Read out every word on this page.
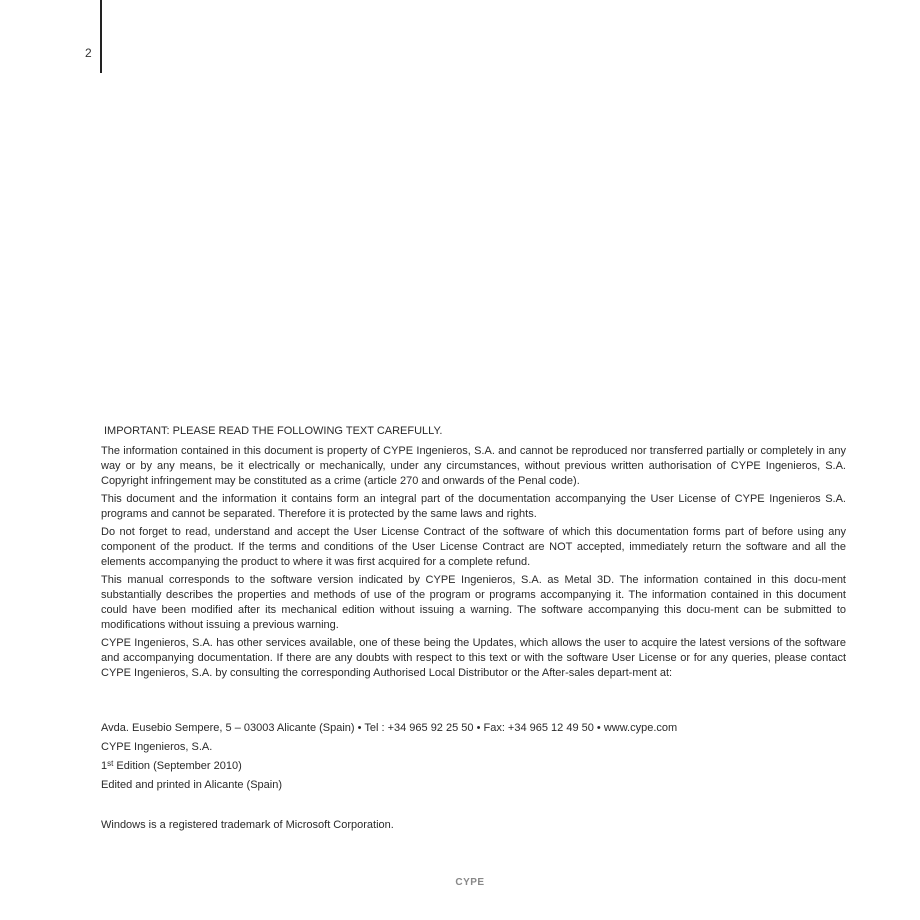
2

IMPORTANT: PLEASE READ THE FOLLOWING TEXT CAREFULLY.

The information contained in this document is property of CYPE Ingenieros, S.A. and cannot be reproduced nor transferred partially or completely in any way or by any means, be it electrically or mechanically, under any circumstances, without previous written authorisation of CYPE Ingenieros, S.A. Copyright infringement may be constituted as a crime (article 270 and onwards of the Penal code).

This document and the information it contains form an integral part of the documentation accompanying the User License of CYPE Ingenieros S.A. programs and cannot be separated. Therefore it is protected by the same laws and rights.

Do not forget to read, understand and accept the User License Contract of the software of which this documentation forms part of before using any component of the product. If the terms and conditions of the User License Contract are NOT accepted, immediately return the software and all the elements accompanying the product to where it was first acquired for a complete refund.

This manual corresponds to the software version indicated by CYPE Ingenieros, S.A. as Metal 3D. The information contained in this docu-ment substantially describes the properties and methods of use of the program or programs accompanying it. The information contained in this document could have been modified after its mechanical edition without issuing a warning. The software accompanying this docu-ment can be submitted to modifications without issuing a previous warning.

CYPE Ingenieros, S.A. has other services available, one of these being the Updates, which allows the user to acquire the latest versions of the software and accompanying documentation. If there are any doubts with respect to this text or with the software User License or for any queries, please contact CYPE Ingenieros, S.A. by consulting the corresponding Authorised Local Distributor or the After-sales depart-ment at:

Avda. Eusebio Sempere, 5 – 03003 Alicante (Spain) • Tel : +34 965 92 25 50 • Fax: +34 965 12 49 50 • www.cype.com

CYPE Ingenieros, S.A.

1st Edition (September 2010)

Edited and printed in Alicante (Spain)

Windows is a registered trademark of Microsoft Corporation.
CYPE
